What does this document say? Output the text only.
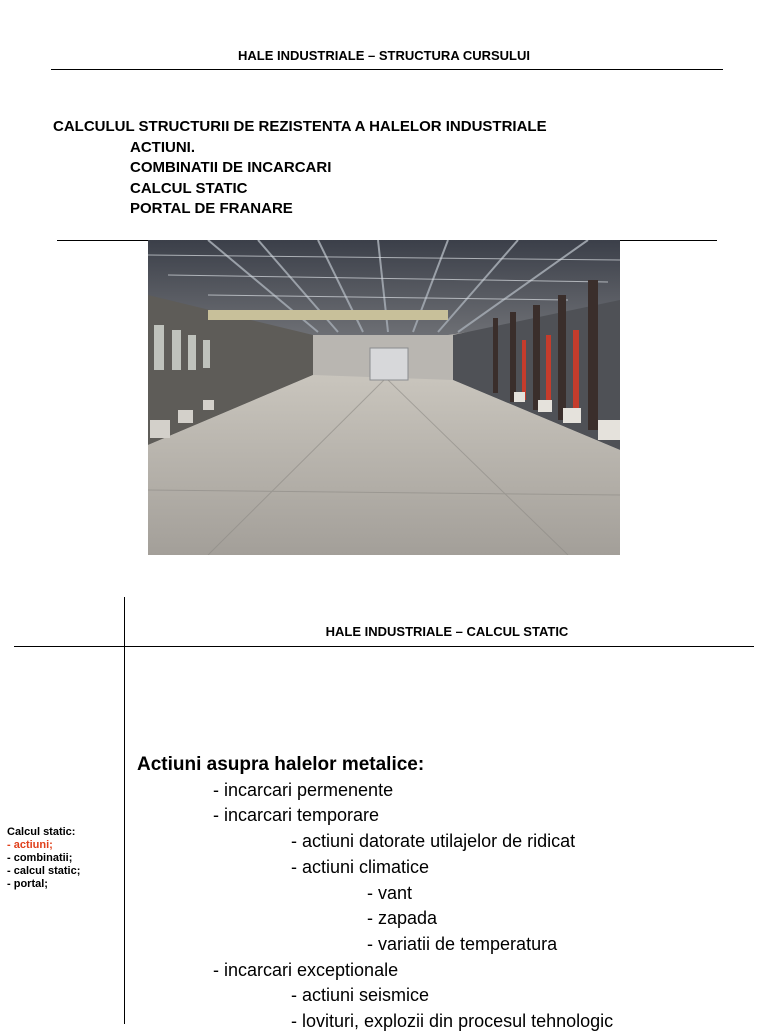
HALE INDUSTRIALE – STRUCTURA CURSULUI
CALCULUL STRUCTURII DE REZISTENTA A HALELOR INDUSTRIALE
ACTIUNI.
COMBINATII DE INCARCARI
CALCUL STATIC
PORTAL DE FRANARE
HALE INDUSTRIALE – CALCUL STATIC
Calcul static:
- actiuni;
- combinatii;
- calcul static;
- portal;
Actiuni asupra halelor metalice:
- incarcari permenente
- incarcari temporare
- actiuni datorate utilajelor de ridicat
- actiuni climatice
- vant
- zapada
- variatii de temperatura
- incarcari exceptionale
- actiuni seismice
- lovituri, explozii din procesul tehnologic
